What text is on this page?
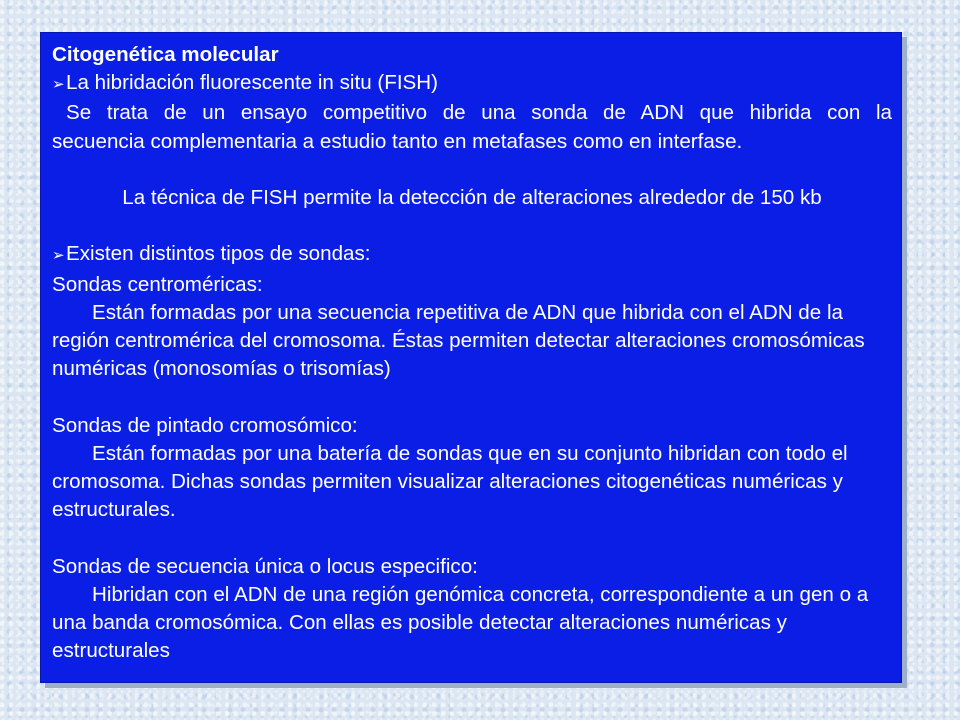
Citogenética molecular

➢La hibridación fluorescente in situ (FISH)

Se trata de un ensayo competitivo de una sonda de ADN que hibrida con la

secuencia complementaria a estudio tanto en metafases como en interfase.

La técnica de FISH permite la detección de alteraciones alrededor de 150 kb

➢Existen distintos tipos de sondas:

Sondas centroméricas:

Están formadas por una secuencia repetitiva de ADN que hibrida con el ADN de la región centromérica del cromosoma. Éstas permiten detectar alteraciones cromosómicas numéricas (monosomías o trisomías)

Sondas de pintado cromosómico:

Están formadas por una batería de sondas que en su conjunto hibridan con todo el cromosoma. Dichas sondas permiten visualizar alteraciones citogenéticas numéricas y estructurales.

Sondas de secuencia única o locus especifico:

Hibridan con el ADN de una región genómica concreta, correspondiente a un gen o a una banda cromosómica. Con ellas es posible detectar alteraciones numéricas y estructurales
